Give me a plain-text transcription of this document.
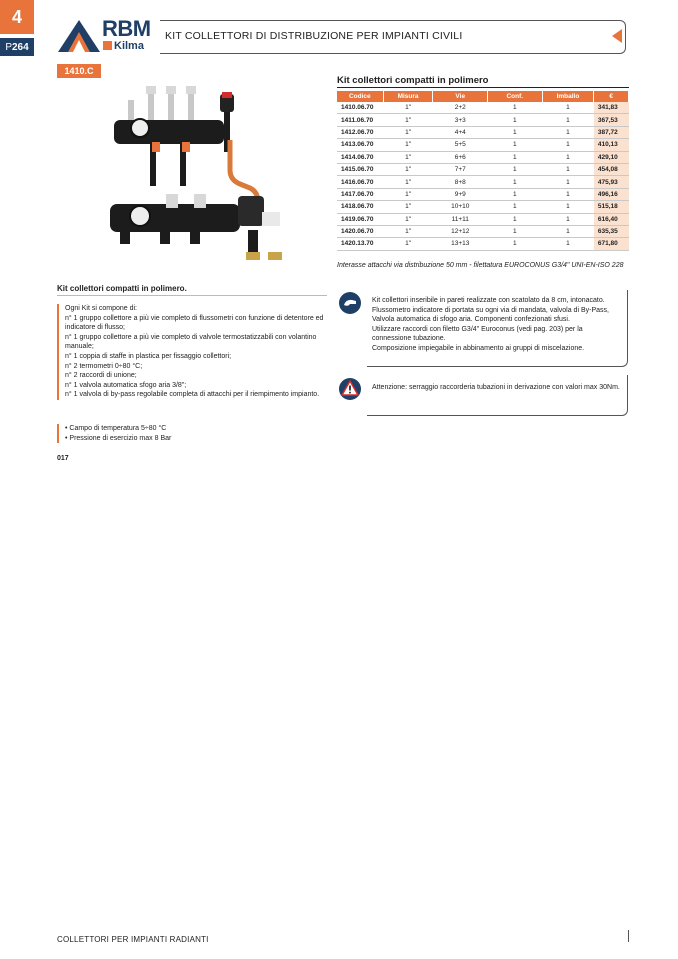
4
P 264
RBM
Kilma
KIT COLLETTORI DI DISTRIBUZIONE PER IMPIANTI CIVILI
1410.C
Kit collettori compatti in polimero
Codice	Misura	Vie	Conf.	Imballo	€
1410.06.70	1"	2+2	1	1	341,83
1411.06.70	1"	3+3	1	1	367,53
1412.06.70	1"	4+4	1	1	387,72
1413.06.70	1"	5+5	1	1	410,13
1414.06.70	1"	6+6	1	1	429,10
1415.06.70	1"	7+7	1	1	454,08
1416.06.70	1"	8+8	1	1	475,93
1417.06.70	1"	9+9	1	1	496,16
1418.06.70	1"	10+10	1	1	515,18
1419.06.70	1"	11+11	1	1	616,40
1420.06.70	1"	12+12	1	1	635,35
1420.13.70	1"	13+13	1	1	671,80
Interasse attacchi via distribuzione 50 mm - filettatura EUROCONUS G3/4" UNI-EN-ISO 228
Kit collettori compatti in polimero.

Ogni Kit si compone di:

n° 1 gruppo collettore a più vie completo di flussometri con funzione di detentore ed indicatore di flusso;

n° 1 gruppo collettore a più vie completo di valvole termostatizzabili con volantino manuale;

n° 1 coppia di staffe in plastica per fissaggio collettori;

n° 2 termometri 0÷80 °C;

n° 2 raccordi di unione;

n° 1 valvola automatica sfogo aria 3/8";

n° 1 valvola di by-pass regolabile completa di attacchi per il riempimento impianto.

• Campo di temperatura 5÷80 °C
• Pressione di esercizio max 8 Bar
017

Kit collettori inseribile in pareti realizzate con scatolato da 8 cm, intonacato.

Flussometro indicatore di portata su ogni via di mandata, valvola di By-Pass, Valvola automatica di sfogo aria. Componenti confezionati sfusi.

Utilizzare raccordi con filetto G3/4" Euroconus (vedi pag. 203) per la connessione tubazione.

Composizione impiegabile in abbinamento ai gruppi di miscelazione.

Attenzione: serraggio raccorderia tubazioni in derivazione con valori max 30Nm.
COLLETTORI PER IMPIANTI RADIANTI
